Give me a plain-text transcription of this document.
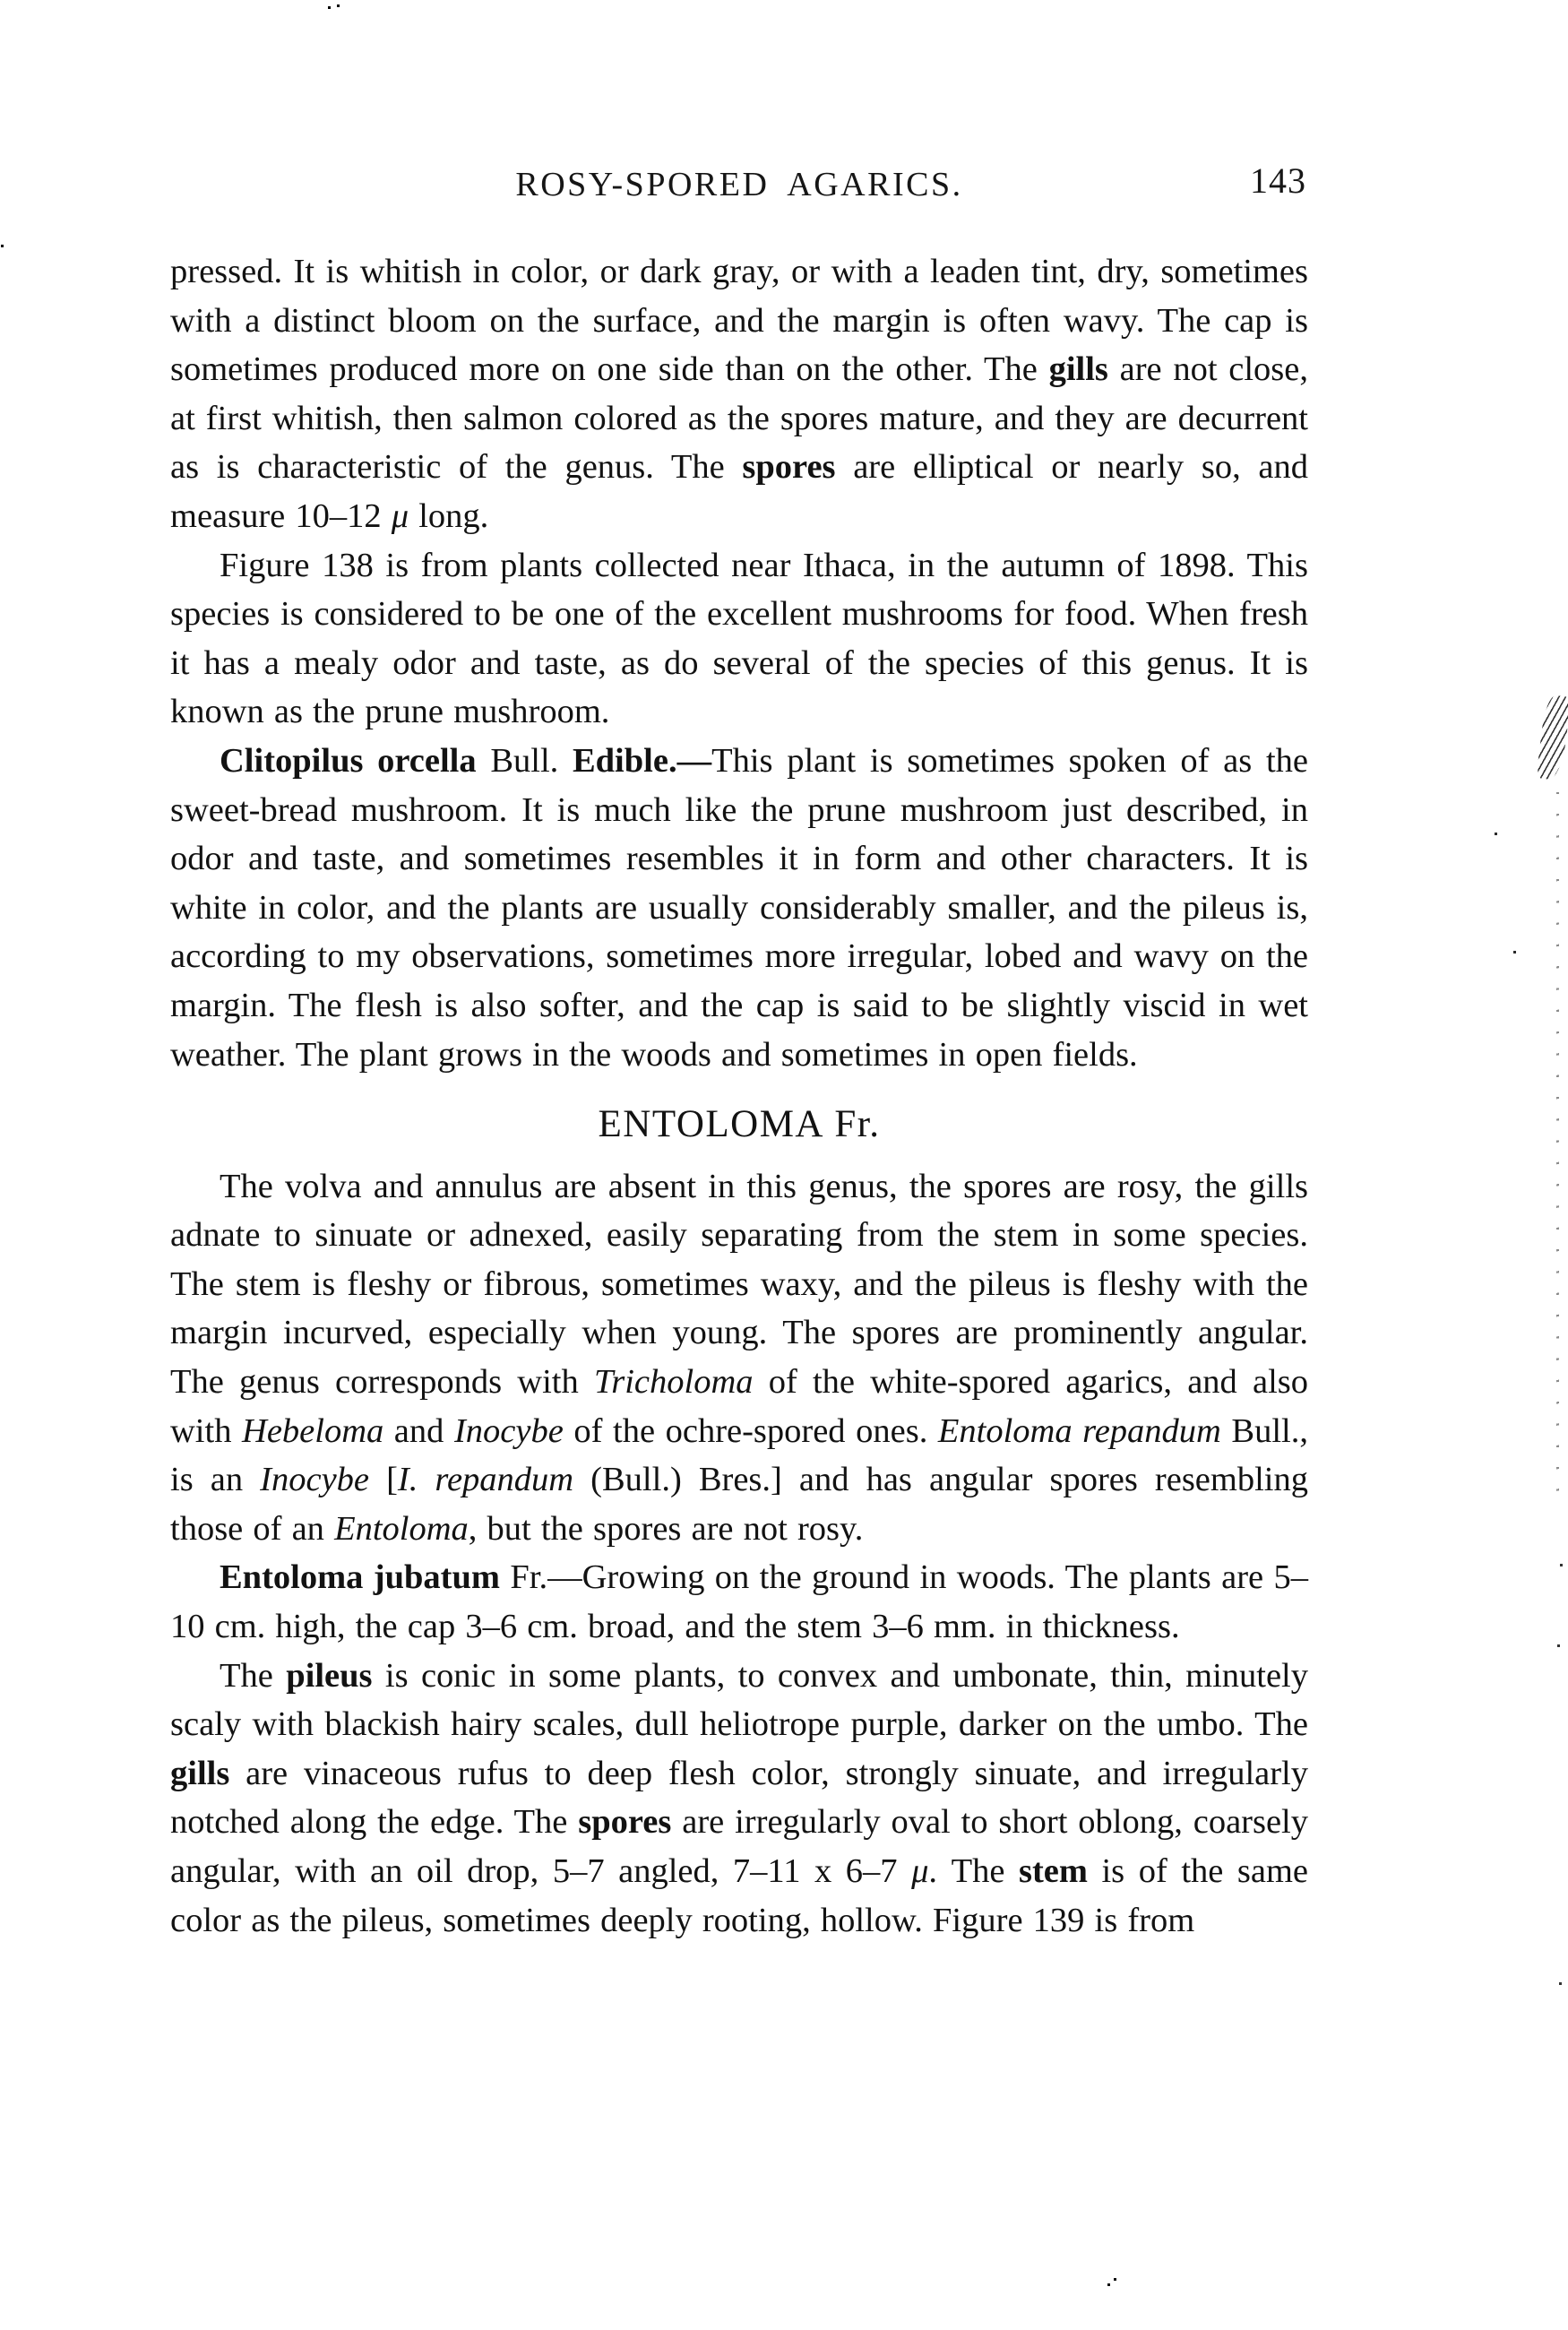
ROSY-SPORED AGARICS.	143

pressed. It is whitish in color, or dark gray, or with a leaden tint, dry, sometimes with a distinct bloom on the surface, and the margin is often wavy. The cap is sometimes produced more on one side than on the other. The gills are not close, at first whitish, then salmon colored as the spores mature, and they are decurrent as is characteristic of the genus. The spores are elliptical or nearly so, and measure 10–12 μ long.

Figure 138 is from plants collected near Ithaca, in the autumn of 1898. This species is considered to be one of the excellent mushrooms for food. When fresh it has a mealy odor and taste, as do several of the species of this genus. It is known as the prune mushroom.

Clitopilus orcella Bull. Edible.—This plant is sometimes spoken of as the sweet-bread mushroom. It is much like the prune mushroom just described, in odor and taste, and sometimes resembles it in form and other characters. It is white in color, and the plants are usually considerably smaller, and the pileus is, according to my observations, sometimes more irregular, lobed and wavy on the margin. The flesh is also softer, and the cap is said to be slightly viscid in wet weather. The plant grows in the woods and sometimes in open fields.

ENTOLOMA Fr.

The volva and annulus are absent in this genus, the spores are rosy, the gills adnate to sinuate or adnexed, easily separating from the stem in some species. The stem is fleshy or fibrous, sometimes waxy, and the pileus is fleshy with the margin incurved, especially when young. The spores are prominently angular. The genus corresponds with Tricholoma of the white-spored agarics, and also with Hebeloma and Inocybe of the ochre-spored ones. Entoloma repandum Bull., is an Inocybe [I. repandum (Bull.) Bres.] and has angular spores resembling those of an Entoloma, but the spores are not rosy.

Entoloma jubatum Fr.—Growing on the ground in woods. The plants are 5–10 cm. high, the cap 3–6 cm. broad, and the stem 3–6 mm. in thickness.

The pileus is conic in some plants, to convex and umbonate, thin, minutely scaly with blackish hairy scales, dull heliotrope purple, darker on the umbo. The gills are vinaceous rufus to deep flesh color, strongly sinuate, and irregularly notched along the edge. The spores are irregularly oval to short oblong, coarsely angular, with an oil drop, 5–7 angled, 7–11 x 6–7 μ. The stem is of the same color as the pileus, sometimes deeply rooting, hollow. Figure 139 is from
